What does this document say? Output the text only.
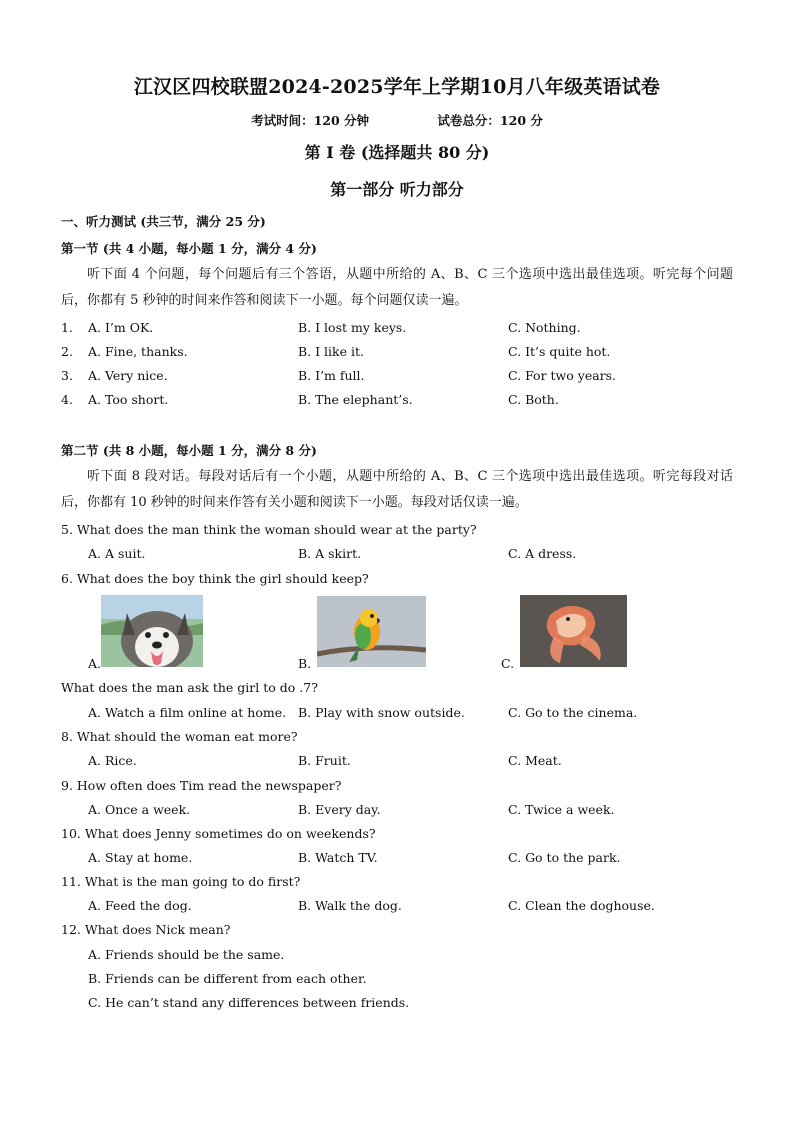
江汉区四校联盟2024-2025学年上学期10月八年级英语试卷
考试时间：120 分钟	试卷总分：120 分
第 I 卷 (选择题共 80 分)
第一部分 听力部分
一、听力测试 (共三节，满分 25 分)
第一节 (共 4 小题，每小题 1 分，满分 4 分)
听下面 4 个问题，每个问题后有三个答语，从题中所给的 A、B、C 三个选项中选出最佳选项。听完每个问题后，你都有 5 秒钟的时间来作答和阅读下一小题。每个问题仅读一遍。
1. A. I’m OK.	B. I lost my keys.	C. Nothing.
2. A. Fine, thanks.	B. I like it.	C. It’s quite hot.
3. A. Very nice.	B. I’m full.	C. For two years.
4. A. Too short.	B. The elephant’s.	C. Both.
第二节 (共 8 小题，每小题 1 分，满分 8 分)
听下面 8 段对话。每段对话后有一个小题，从题中所给的 A、B、C 三个选项中选出最佳选项。听完每段对话后，你都有 10 秒钟的时间来作答有关小题和阅读下一小题。每段对话仅读一遍。
5. What does the man think the woman should wear at the party?
A. A suit.	B. A skirt.	C. A dress.
6. What does the boy think the girl should keep?
A.	B.	C.
What does the man ask the girl to do .7?
A. Watch a film online at home. B. Play with snow outside.	C. Go to the cinema.
8. What should the woman eat more?
A. Rice.	B. Fruit.	C. Meat.
9. How often does Tim read the newspaper?
A. Once a week.	B. Every day.	C. Twice a week.
10. What does Jenny sometimes do on weekends?
A. Stay at home.	B. Watch TV.	C. Go to the park.
11. What is the man going to do first?
A. Feed the dog.	B. Walk the dog.	C. Clean the doghouse.
12. What does Nick mean?
A. Friends should be the same.
B. Friends can be different from each other.
C. He can’t stand any differences between friends.
